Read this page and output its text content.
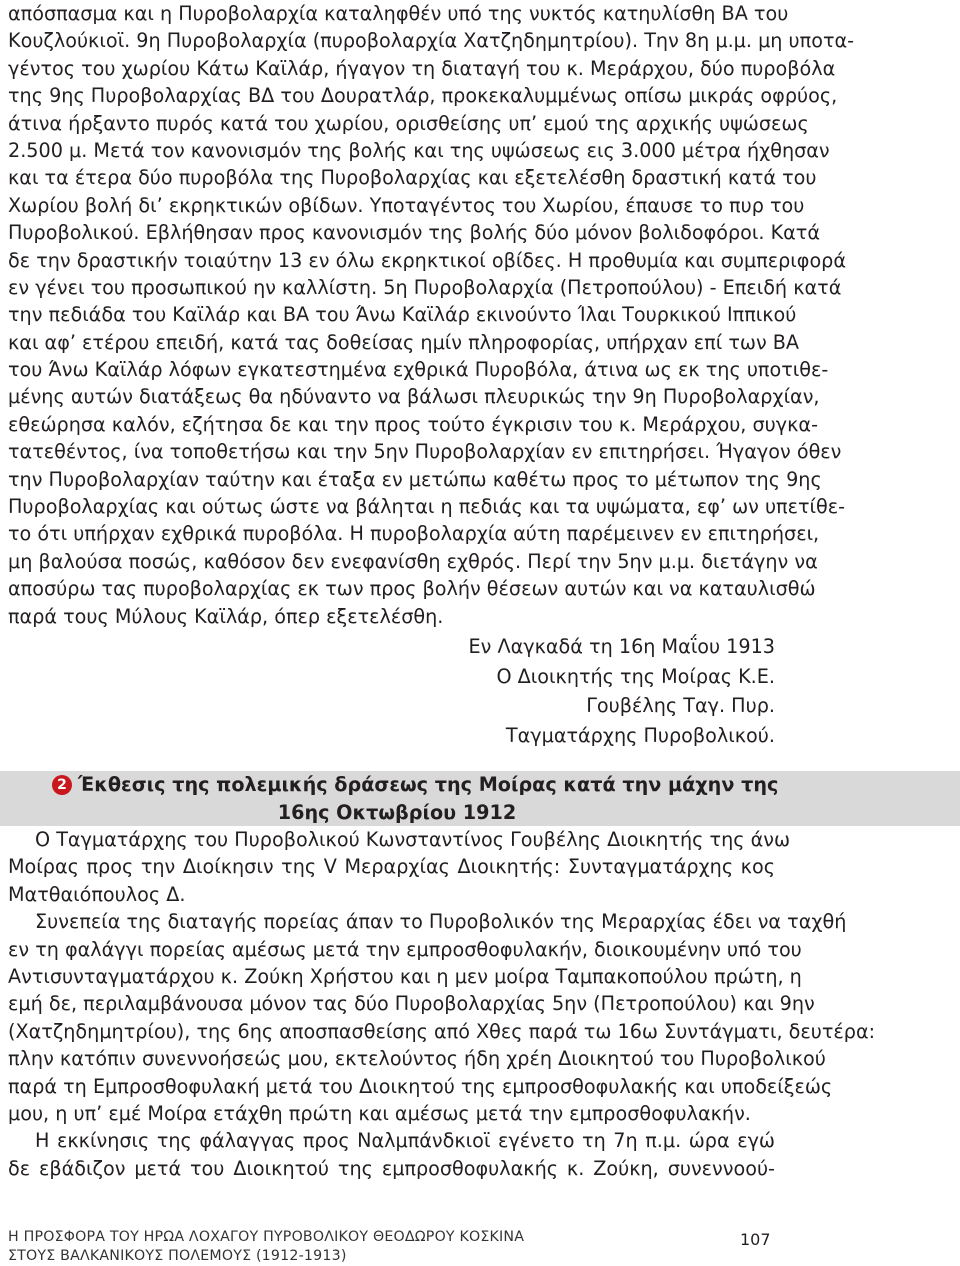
απόσπασμα και η Πυροβολαρχία καταληφθέν υπό της νυκτός κατηυλίσθη ΒΑ του
Κουζλούκιοϊ. 9η Πυροβολαρχία (πυροβολαρχία Χατζηδημητρίου). Την 8η μ.μ. μη υποτα-
γέντος του χωρίου Κάτω Καϊλάρ, ήγαγον τη διαταγή του κ. Μεράρχου, δύο πυροβόλα
της 9ης Πυροβολαρχίας ΒΔ του Δουρατλάρ, προκεκαλυμμένως οπίσω μικράς οφρύος,
άτινα ήρξαντο πυρός κατά του χωρίου, ορισθείσης υπ’ εμού της αρχικής υψώσεως
2.500 μ. Μετά τον κανονισμόν της βολής και της υψώσεως εις 3.000 μέτρα ήχθησαν
και τα έτερα δύο πυροβόλα της Πυροβολαρχίας και εξετελέσθη δραστική κατά του
Χωρίου βολή δι’ εκρηκτικών οβίδων. Υποταγέντος του Χωρίου, έπαυσε το πυρ του
Πυροβολικού. Εβλήθησαν προς κανονισμόν της βολής δύο μόνον βολιδοφόροι. Κατά
δε την δραστικήν τοιαύτην 13 εν όλω εκρηκτικοί οβίδες. Η προθυμία και συμπεριφορά
εν γένει του προσωπικού ην καλλίστη. 5η Πυροβολαρχία (Πετροπούλου) - Επειδή κατά
την πεδιάδα του Καϊλάρ και ΒΑ του Άνω Καϊλάρ εκινούντο Ίλαι Τουρκικού Ιππικού
και αφ’ ετέρου επειδή, κατά τας δοθείσας ημίν πληροφορίας, υπήρχαν επί των ΒΑ
του Άνω Καϊλάρ λόφων εγκατεστημένα εχθρικά Πυροβόλα, άτινα ως εκ της υποτιθε-
μένης αυτών διατάξεως θα ηδύναντο να βάλωσι πλευρικώς την 9η Πυροβολαρχίαν,
εθεώρησα καλόν, εζήτησα δε και την προς τούτο έγκρισιν του κ. Μεράρχου, συγκα-
τατεθέντος, ίνα τοποθετήσω και την 5ην Πυροβολαρχίαν εν επιτηρήσει. Ήγαγον όθεν
την Πυροβολαρχίαν ταύτην και έταξα εν μετώπω καθέτω προς το μέτωπον της 9ης
Πυροβολαρχίας και ούτως ώστε να βάληται η πεδιάς και τα υψώματα, εφ’ ων υπετίθε-
το ότι υπήρχαν εχθρικά πυροβόλα. Η πυροβολαρχία αύτη παρέμεινεν εν επιτηρήσει,
μη βαλούσα ποσώς, καθόσον δεν ενεφανίσθη εχθρός. Περί την 5ην μ.μ. διετάγην να
αποσύρω τας πυροβολαρχίας εκ των προς βολήν θέσεων αυτών και να καταυλισθώ
παρά τους Μύλους Καϊλάρ, όπερ εξετελέσθη.
Εν Λαγκαδά τη 16η Μαΐου 1913
Ο Διοικητής της Μοίρας Κ.Ε.
Γουβέλης Ταγ. Πυρ.
Ταγματάρχης Πυροβολικού.
2 Έκθεσις της πολεμικής δράσεως της Μοίρας κατά την μάχην της
16ης Οκτωβρίου 1912
Ο Ταγματάρχης του Πυροβολικού Κωνσταντίνος Γουβέλης Διοικητής της άνω
Μοίρας προς την Διοίκησιν της V Μεραρχίας Διοικητής: Συνταγματάρχης κος
Ματθαιόπουλος Δ.
Συνεπεία της διαταγής πορείας άπαν το Πυροβολικόν της Μεραρχίας έδει να ταχθή
εν τη φαλάγγι πορείας αμέσως μετά την εμπροσθοφυλακήν, διοικουμένην υπό του
Αντισυνταγματάρχου κ. Ζούκη Χρήστου και η μεν μοίρα Ταμπακοπούλου πρώτη, η
εμή δε, περιλαμβάνουσα μόνον τας δύο Πυροβολαρχίας 5ην (Πετροπούλου) και 9ην
(Χατζηδημητρίου), της 6ης αποσπασθείσης από Χθες παρά τω 16ω Συντάγματι, δευτέρα:
πλην κατόπιν συνεννοήσεώς μου, εκτελούντος ήδη χρέη Διοικητού του Πυροβολικού
παρά τη Εμπροσθοφυλακή μετά του Διοικητού της εμπροσθοφυλακής και υποδείξεώς
μου, η υπ’ εμέ Μοίρα ετάχθη πρώτη και αμέσως μετά την εμπροσθοφυλακήν.
Η εκκίνησις της φάλαγγας προς Ναλμπάνδκιοϊ εγένετο τη 7η π.μ. ώρα εγώ
δε εβάδιζον μετά του Διοικητού της εμπροσθοφυλακής κ. Ζούκη, συνεννοού-
Η ΠΡΟΣΦΟΡΑ ΤΟΥ ΗΡΩΑ ΛΟΧΑΓΟΥ ΠΥΡΟΒΟΛΙΚΟΥ ΘΕΟΔΩΡΟΥ ΚΟΣΚΙΝΑ
ΣΤΟΥΣ ΒΑΛΚΑΝΙΚΟΥΣ ΠΟΛΕΜΟΥΣ (1912-1913)
107
